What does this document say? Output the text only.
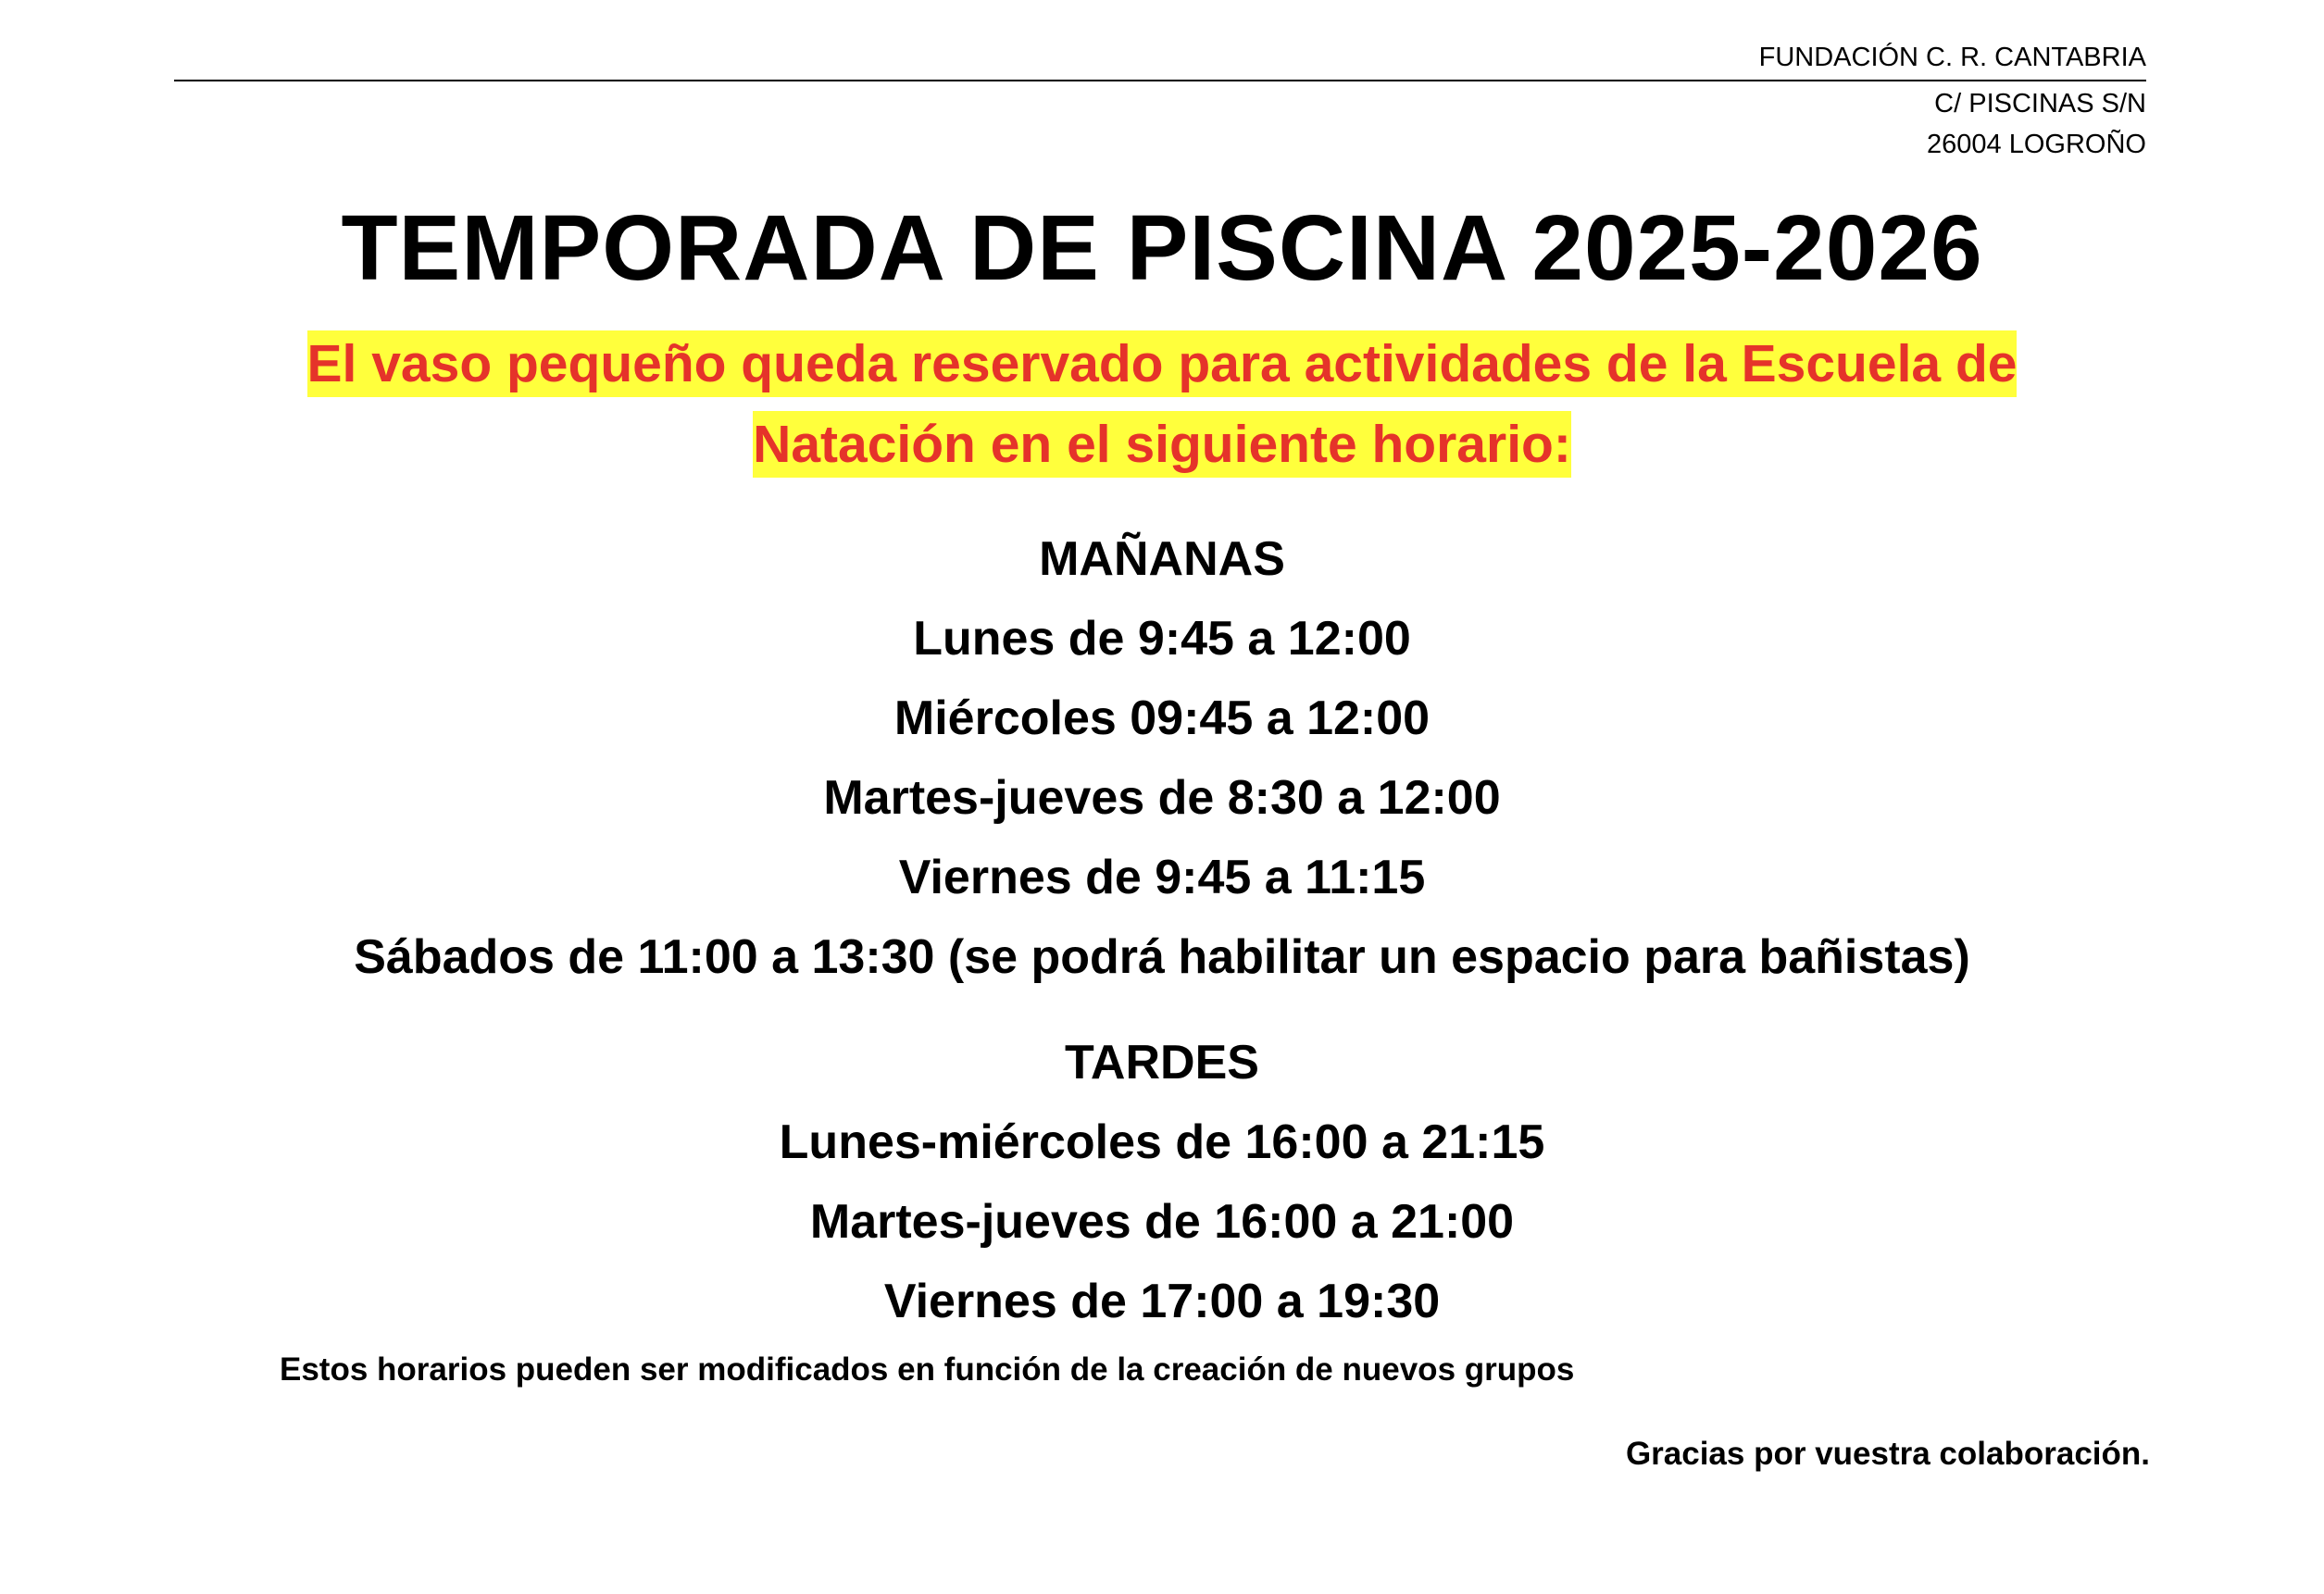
FUNDACIÓN C. R. CANTABRIA
C/ PISCINAS S/N
26004 LOGROÑO
TEMPORADA DE PISCINA 2025-2026
El vaso pequeño queda reservado para actividades de la Escuela de
Natación en el siguiente horario:
MAÑANAS
Lunes de 9:45 a 12:00
Miércoles 09:45 a 12:00
Martes-jueves de 8:30 a 12:00
Viernes de 9:45 a 11:15
Sábados de 11:00 a 13:30 (se podrá habilitar un espacio para bañistas)
TARDES
Lunes-miércoles de 16:00 a 21:15
Martes-jueves de 16:00 a 21:00
Viernes de 17:00 a 19:30
Estos horarios pueden ser modificados en función de la creación de nuevos grupos
Gracias por vuestra colaboración.
